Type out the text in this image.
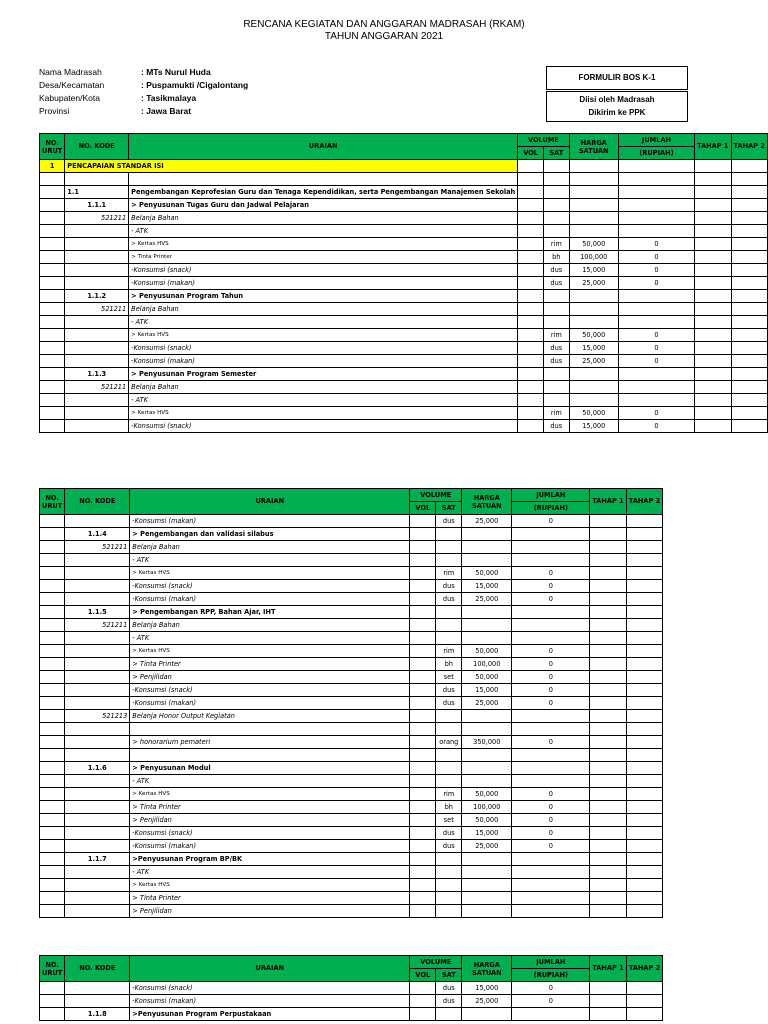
RENCANA KEGIATAN DAN ANGGARAN MADRASAH (RKAM)
TAHUN ANGGARAN 2021
Nama Madrasah	: MTs Nurul Huda
Desa/Kecamatan	: Puspamukti /Cigalontang
Kabupaten/Kota	: Tasikmalaya
Provinsi	: Jawa Barat
FORMULIR BOS K-1
Diisi oleh Madrasah
Dikirim ke PPK
NO. URUT	NO. KODE	URAIAN	VOLUME		HARGA SATUAN	JUMLAH	TAHAP 1	TAHAP 2
			VOL	SAT		(RUPIAH)		
1	PENCAPAIAN STANDAR ISI							

	1.1	Pengembangan Keprofesian Guru dan Tenaga Kependidikan, serta Pengembangan Manajemen Sekolah						
	1.1.1	> Penyusunan Tugas Guru dan Jadwal Pelajaran						
	521211	Belanja Bahan						
		- ATK						
		> Kertas HVS		rim	50,000	0		
		> Tinta Printer		bh	100,000	0		
		-Konsumsi (snack)		dus	15,000	0		
		-Konsumsi (makan)		dus	25,000	0		
	1.1.2	> Penyusunan Program Tahun						
	521211	Belanja Bahan						
		- ATK						
		> Kertas HVS		rim	50,000	0		
		-Konsumsi (snack)		dus	15,000	0		
		-Konsumsi (makan)		dus	25,000	0		
	1.1.3	> Penyusunan Program Semester						
	521211	Belanja Bahan						
		- ATK						
		> Kertas HVS		rim	50,000	0		
		-Konsumsi (snack)		dus	15,000	0		
NO. URUT	NO. KODE	URAIAN	VOLUME		HARGA SATUAN	JUMLAH	TAHAP 1	TAHAP 2
			VOL	SAT		(RUPIAH)		
		-Konsumsi (makan)		dus	25,000	0		
	1.1.4	> Pengembangan dan validasi silabus						
	521211	Belanja Bahan						
		- ATK						
		> Kertas HVS		rim	50,000	0		
		-Konsumsi (snack)		dus	15,000	0		
		-Konsumsi (makan)		dus	25,000	0		
	1.1.5	> Pengembangan RPP, Bahan Ajar, IHT						
	521211	Belanja Bahan						
		- ATK						
		> Kertas HVS		rim	50,000	0		
		> Tinta Printer		bh	100,000	0		
		> Penjilidan		set	50,000	0		
		-Konsumsi (snack)		dus	15,000	0		
		-Konsumsi (makan)		dus	25,000	0		
	521213	Belanja Honor Output Kegiatan						

		> honorarium pemateri		orang	350,000	0		

	1.1.6	> Penyusunan Modul						
		- ATK						
		> Kertas HVS		rim	50,000	0		
		> Tinta Printer		bh	100,000	0		
		> Penjilidan		set	50,000	0		
		-Konsumsi (snack)		dus	15,000	0		
		-Konsumsi (makan)		dus	25,000	0		
	1.1.7	>Penyusunan Program BP/BK						
		- ATK						
		> Kertas HVS						
		> Tinta Printer						
		> Penjilidan						
NO. URUT	NO. KODE	URAIAN	VOLUME		HARGA SATUAN	JUMLAH	TAHAP 1	TAHAP 2
			VOL	SAT		(RUPIAH)		
		-Konsumsi (snack)		dus	15,000	0		
		-Konsumsi (makan)		dus	25,000	0		
	1.1.8	>Penyusunan Program Perpustakaan						
